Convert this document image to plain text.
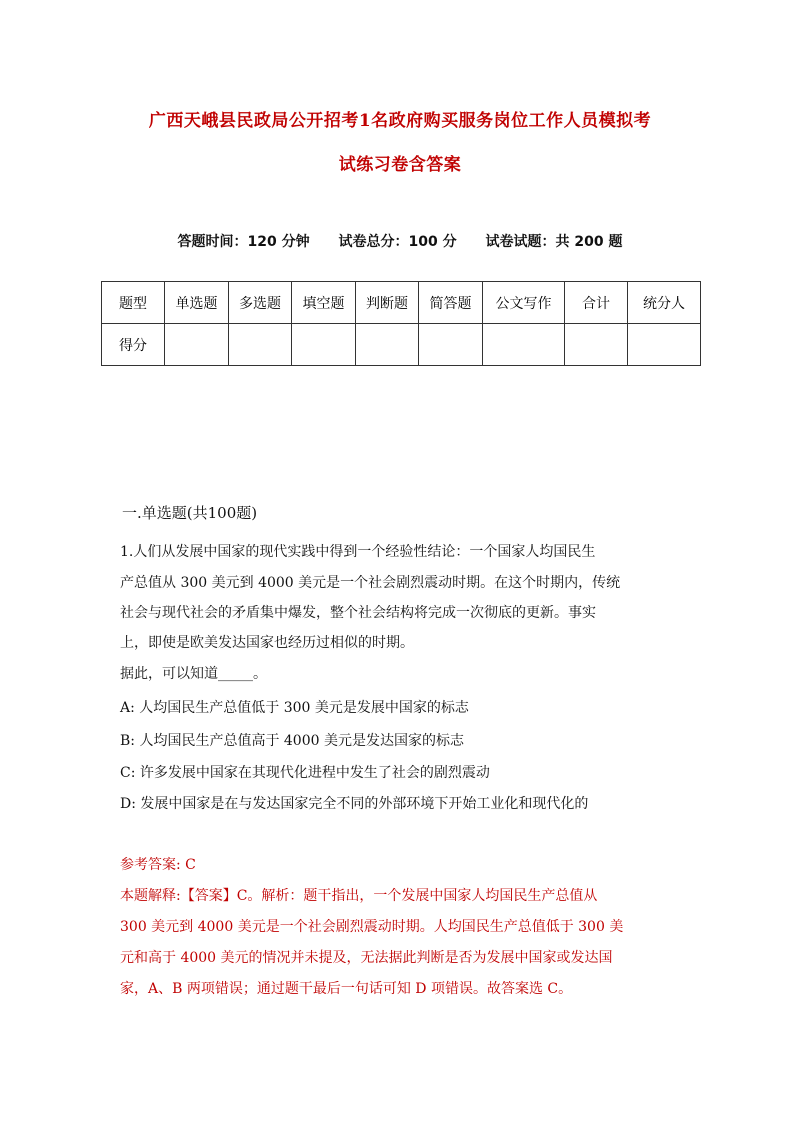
广西天峨县民政局公开招考1名政府购买服务岗位工作人员模拟考
试练习卷含答案
答题时间：120 分钟 试卷总分：100 分 试卷试题：共 200 题
题型	单选题	多选题	填空题	判断题	简答题	公文写作	合计	统分人
得分								
一.单选题(共100题)
1.人们从发展中国家的现代实践中得到一个经验性结论：一个国家人均国民生
产总值从 300 美元到 4000 美元是一个社会剧烈震动时期。在这个时期内，传统
社会与现代社会的矛盾集中爆发，整个社会结构将完成一次彻底的更新。事实
上，即使是欧美发达国家也经历过相似的时期。
据此，可以知道_____。
A: 人均国民生产总值低于 300 美元是发展中国家的标志
B: 人均国民生产总值高于 4000 美元是发达国家的标志
C: 许多发展中国家在其现代化进程中发生了社会的剧烈震动
D: 发展中国家是在与发达国家完全不同的外部环境下开始工业化和现代化的
参考答案: C
本题解释:【答案】C。解析：题干指出，一个发展中国家人均国民生产总值从
300 美元到 4000 美元是一个社会剧烈震动时期。人均国民生产总值低于 300 美
元和高于 4000 美元的情况并未提及，无法据此判断是否为发展中国家或发达国
家，A、B 两项错误；通过题干最后一句话可知 D 项错误。故答案选 C。
